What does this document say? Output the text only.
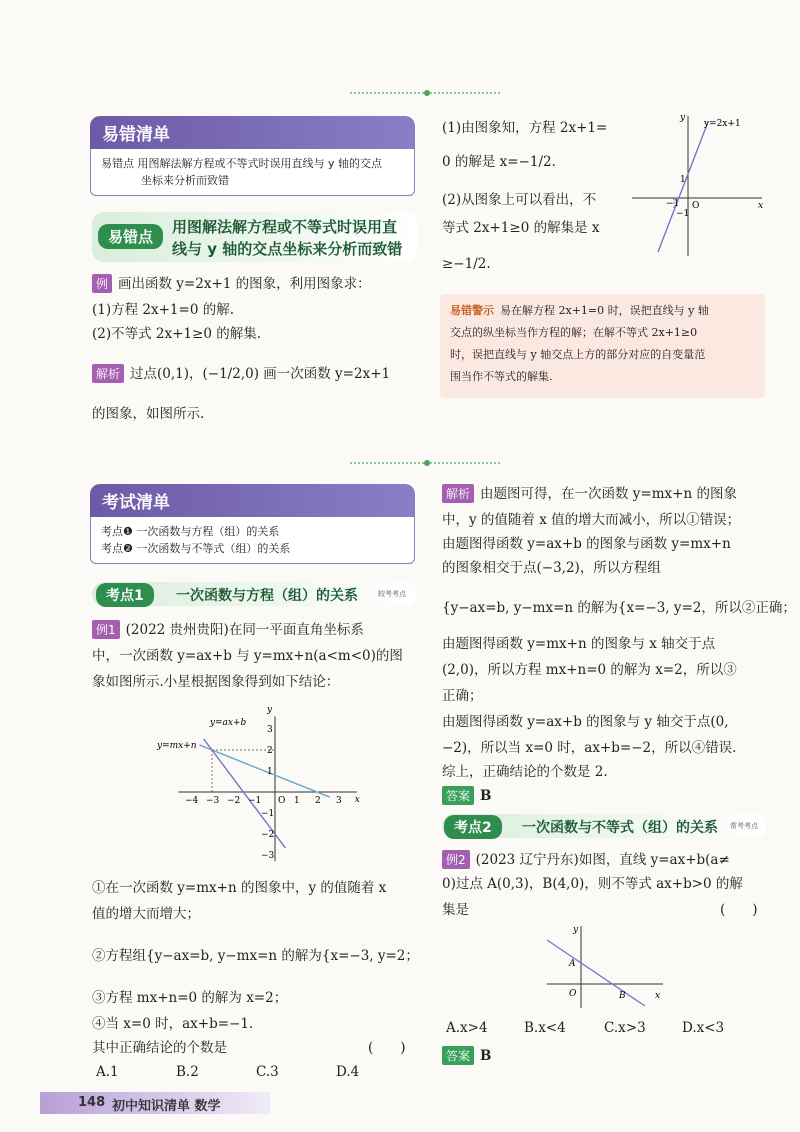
易错清单
易错点 用图解法解方程或不等式时误用直线与 y 轴的交点
坐标来分析而致错
易错点
用图解法解方程或不等式时误用直
线与 y 轴的交点坐标来分析而致错
例 画出函数 y=2x+1 的图象，利用图象求：
(1)方程 2x+1=0 的解.
(2)不等式 2x+1≥0 的解集.
解析 过点(0,1)，(−1/2,0) 画一次函数 y=2x+1
的图象，如图所示.
(1)由图象知，方程 2x+1=
0 的解是 x=−1/2.
(2)从图象上可以看出，不
等式 2x+1≥0 的解集是 x
≥−1/2.
y=2x+1
y
x
O
1
−1
−1
易错警示 易在解方程 2x+1=0 时，误把直线与 y 轴
交点的纵坐标当作方程的解；在解不等式 2x+1≥0
时，误把直线与 y 轴交点上方的部分对应的自变量范
围当作不等式的解集.
考试清单
考点❶ 一次函数与方程（组）的关系
考点❷ 一次函数与不等式（组）的关系
考点1	一次函数与方程（组）的关系	较考考点
例1 (2022 贵州贵阳)在同一平面直角坐标系
中，一次函数 y=ax+b 与 y=mx+n(a<m<0)的图
象如图所示.小星根据图象得到如下结论：
y=ax+b
y=mx+n
x
y
−4 −3 −2 −1 O 1 2 3
3
2
1
−1
−2
−3
①在一次函数 y=mx+n 的图象中，y 的值随着 x
值的增大而增大；
②方程组{y−ax=b, y−mx=n 的解为{x=−3, y=2；
③方程 mx+n=0 的解为 x=2；
④当 x=0 时，ax+b=−1.
其中正确结论的个数是	(　　)
A.1	B.2	C.3	D.4
解析 由题图可得，在一次函数 y=mx+n 的图象
中，y 的值随着 x 值的增大而减小，所以①错误；
由题图得函数 y=ax+b 的图象与函数 y=mx+n
的图象相交于点(−3,2)，所以方程组
{y−ax=b, y−mx=n 的解为{x=−3, y=2，所以②正确；
由题图得函数 y=mx+n 的图象与 x 轴交于点
(2,0)，所以方程 mx+n=0 的解为 x=2，所以③
正确；
由题图得函数 y=ax+b 的图象与 y 轴交于点(0,
−2)，所以当 x=0 时，ax+b=−2，所以④错误.
综上，正确结论的个数是 2.
答案 B
考点2	一次函数与不等式（组）的关系 常考考点
例2 (2023 辽宁丹东)如图，直线 y=ax+b(a≠
0)过点 A(0,3)，B(4,0)，则不等式 ax+b>0 的解
集是	(　　)
y
x
A
O	B
A.x>4	B.x<4	C.x>3	D.x<3
答案 B
148 初中知识清单 数学
